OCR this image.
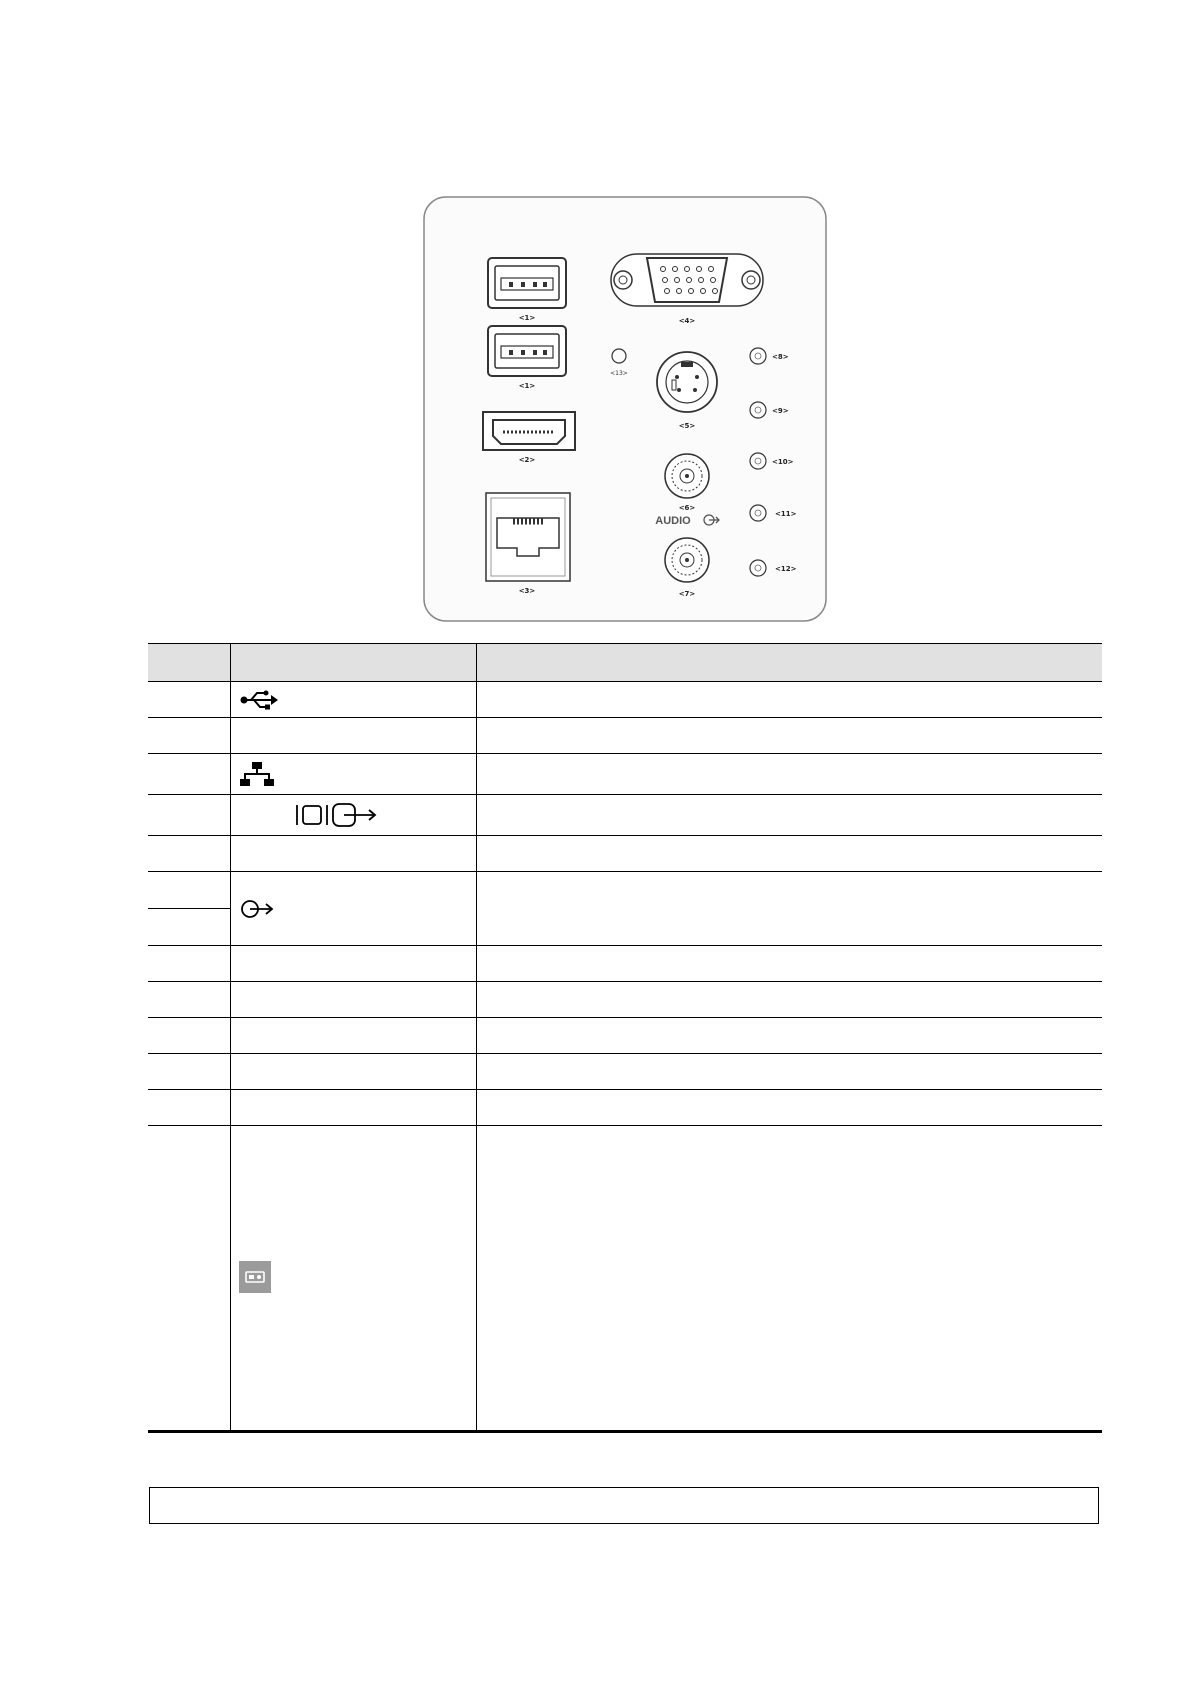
<1>
<1>
<2>
<3>
<4>
<13>
<5>
<6>
AUDIO
<7>
<8>
<9>
<10>
<11>
<12>
